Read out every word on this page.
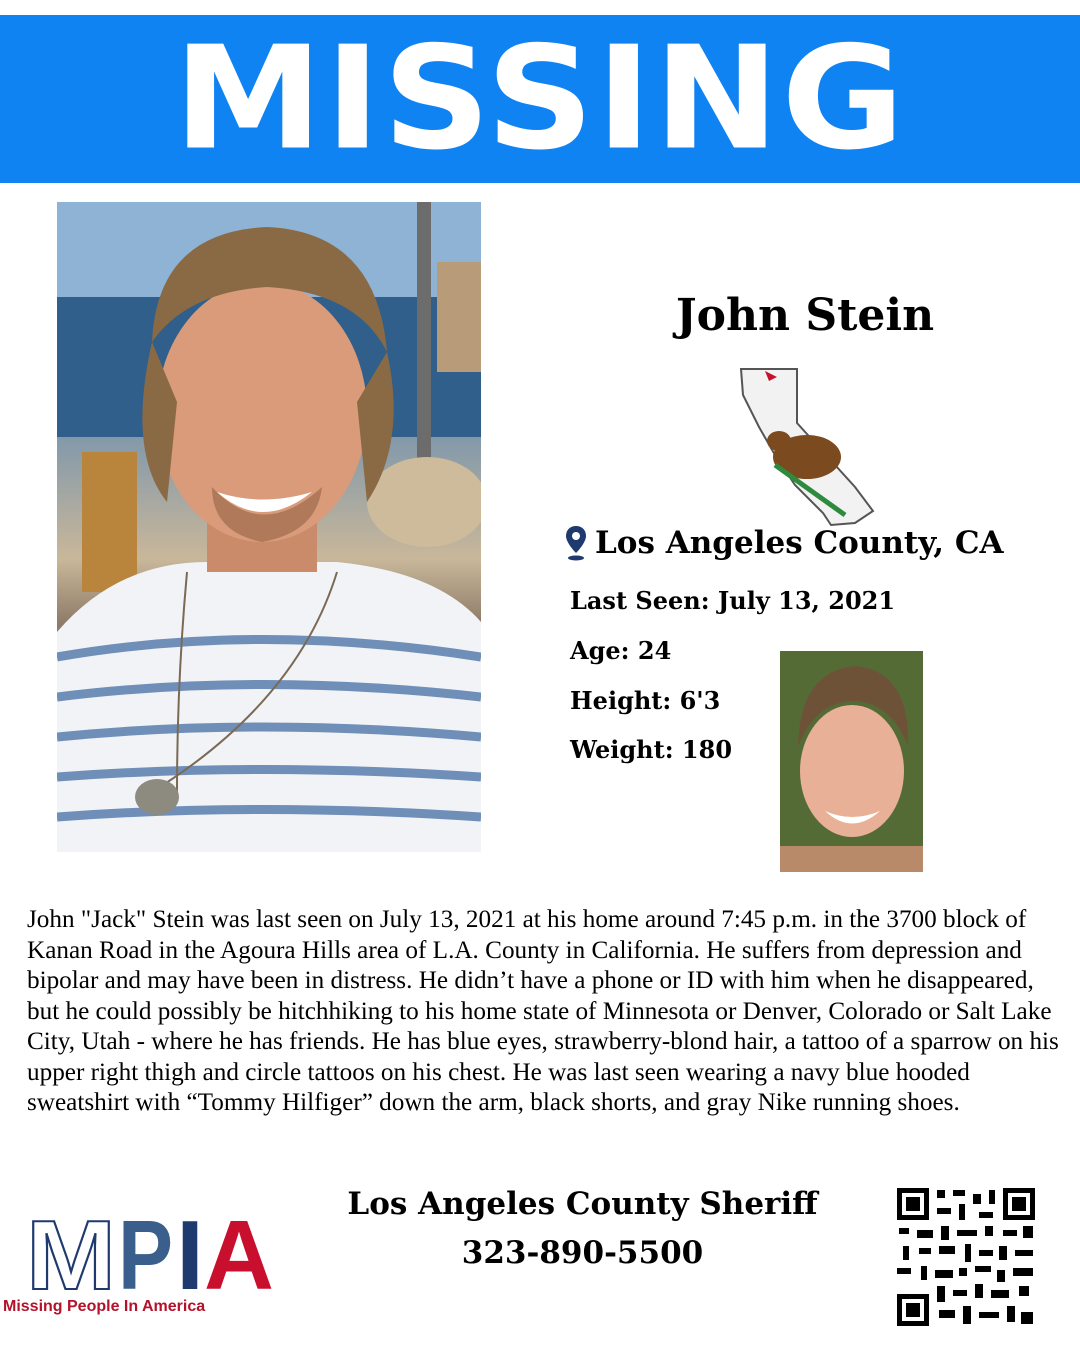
MISSING
John Stein
Los Angeles County, CA
Last Seen: July 13, 2021
Age: 24
Height: 6'3
Weight: 180
John "Jack" Stein was last seen on July 13, 2021 at his home around 7:45 p.m. in the 3700 block of Kanan Road in the Agoura Hills area of L.A. County in California. He suffers from depression and bipolar and may have been in distress. He didn’t have a phone or ID with him when he disappeared, but he could possibly be hitchhiking to his home state of Minnesota or Denver, Colorado or Salt Lake City, Utah - where he has friends. He has blue eyes, strawberry-blond hair, a tattoo of a sparrow on his upper right thigh and circle tattoos on his chest. He was last seen wearing a navy blue hooded sweatshirt with “Tommy Hilfiger” down the arm, black shorts, and gray Nike running shoes.
M P I A
Missing People In America
Los Angeles County Sheriff
323-890-5500
